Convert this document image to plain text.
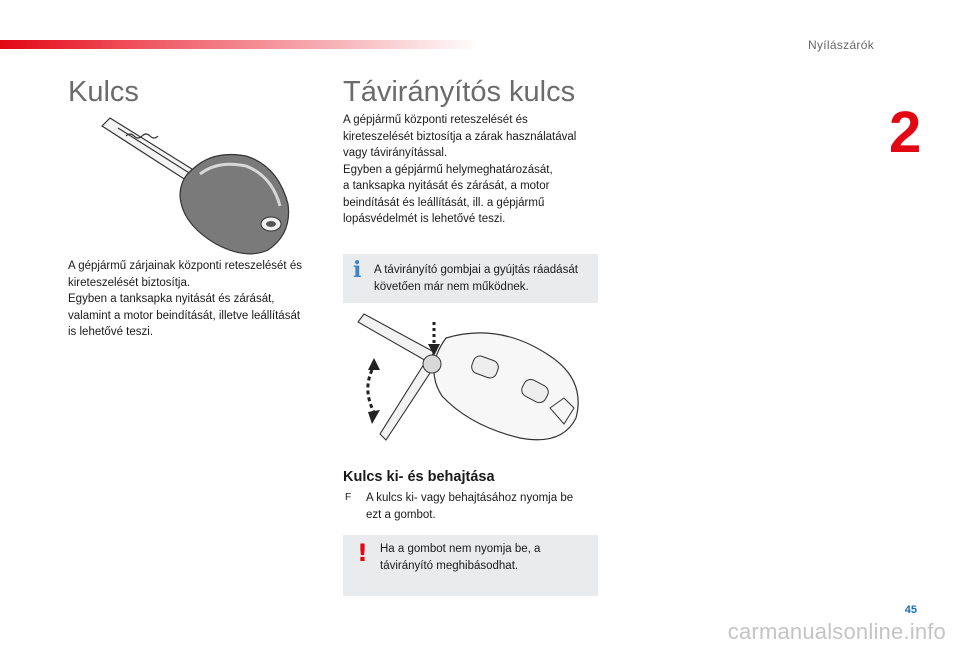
Nyílászárók
2
Kulcs
A gépjármű zárjainak központi reteszelését és
kireteszelését biztosítja.
Egyben a tanksapka nyitását és zárását,
valamint a motor beindítását, illetve leállítását
is lehetővé teszi.
Távirányítós kulcs
A gépjármű központi reteszelését és
kireteszelését biztosítja a zárak használatával
vagy távirányítással.
Egyben a gépjármű helymeghatározását,
a tanksapka nyitását és zárását, a motor
beindítását és leállítását, ill. a gépjármű
lopásvédelmét is lehetővé teszi.
i A távirányító gombjai a gyújtás ráadását
követően már nem működnek.
Kulcs ki- és behajtása
F A kulcs ki- vagy behajtásához nyomja be
ezt a gombot.
! Ha a gombot nem nyomja be, a
távirányító meghibásodhat.
45
carmanualsonline.info
